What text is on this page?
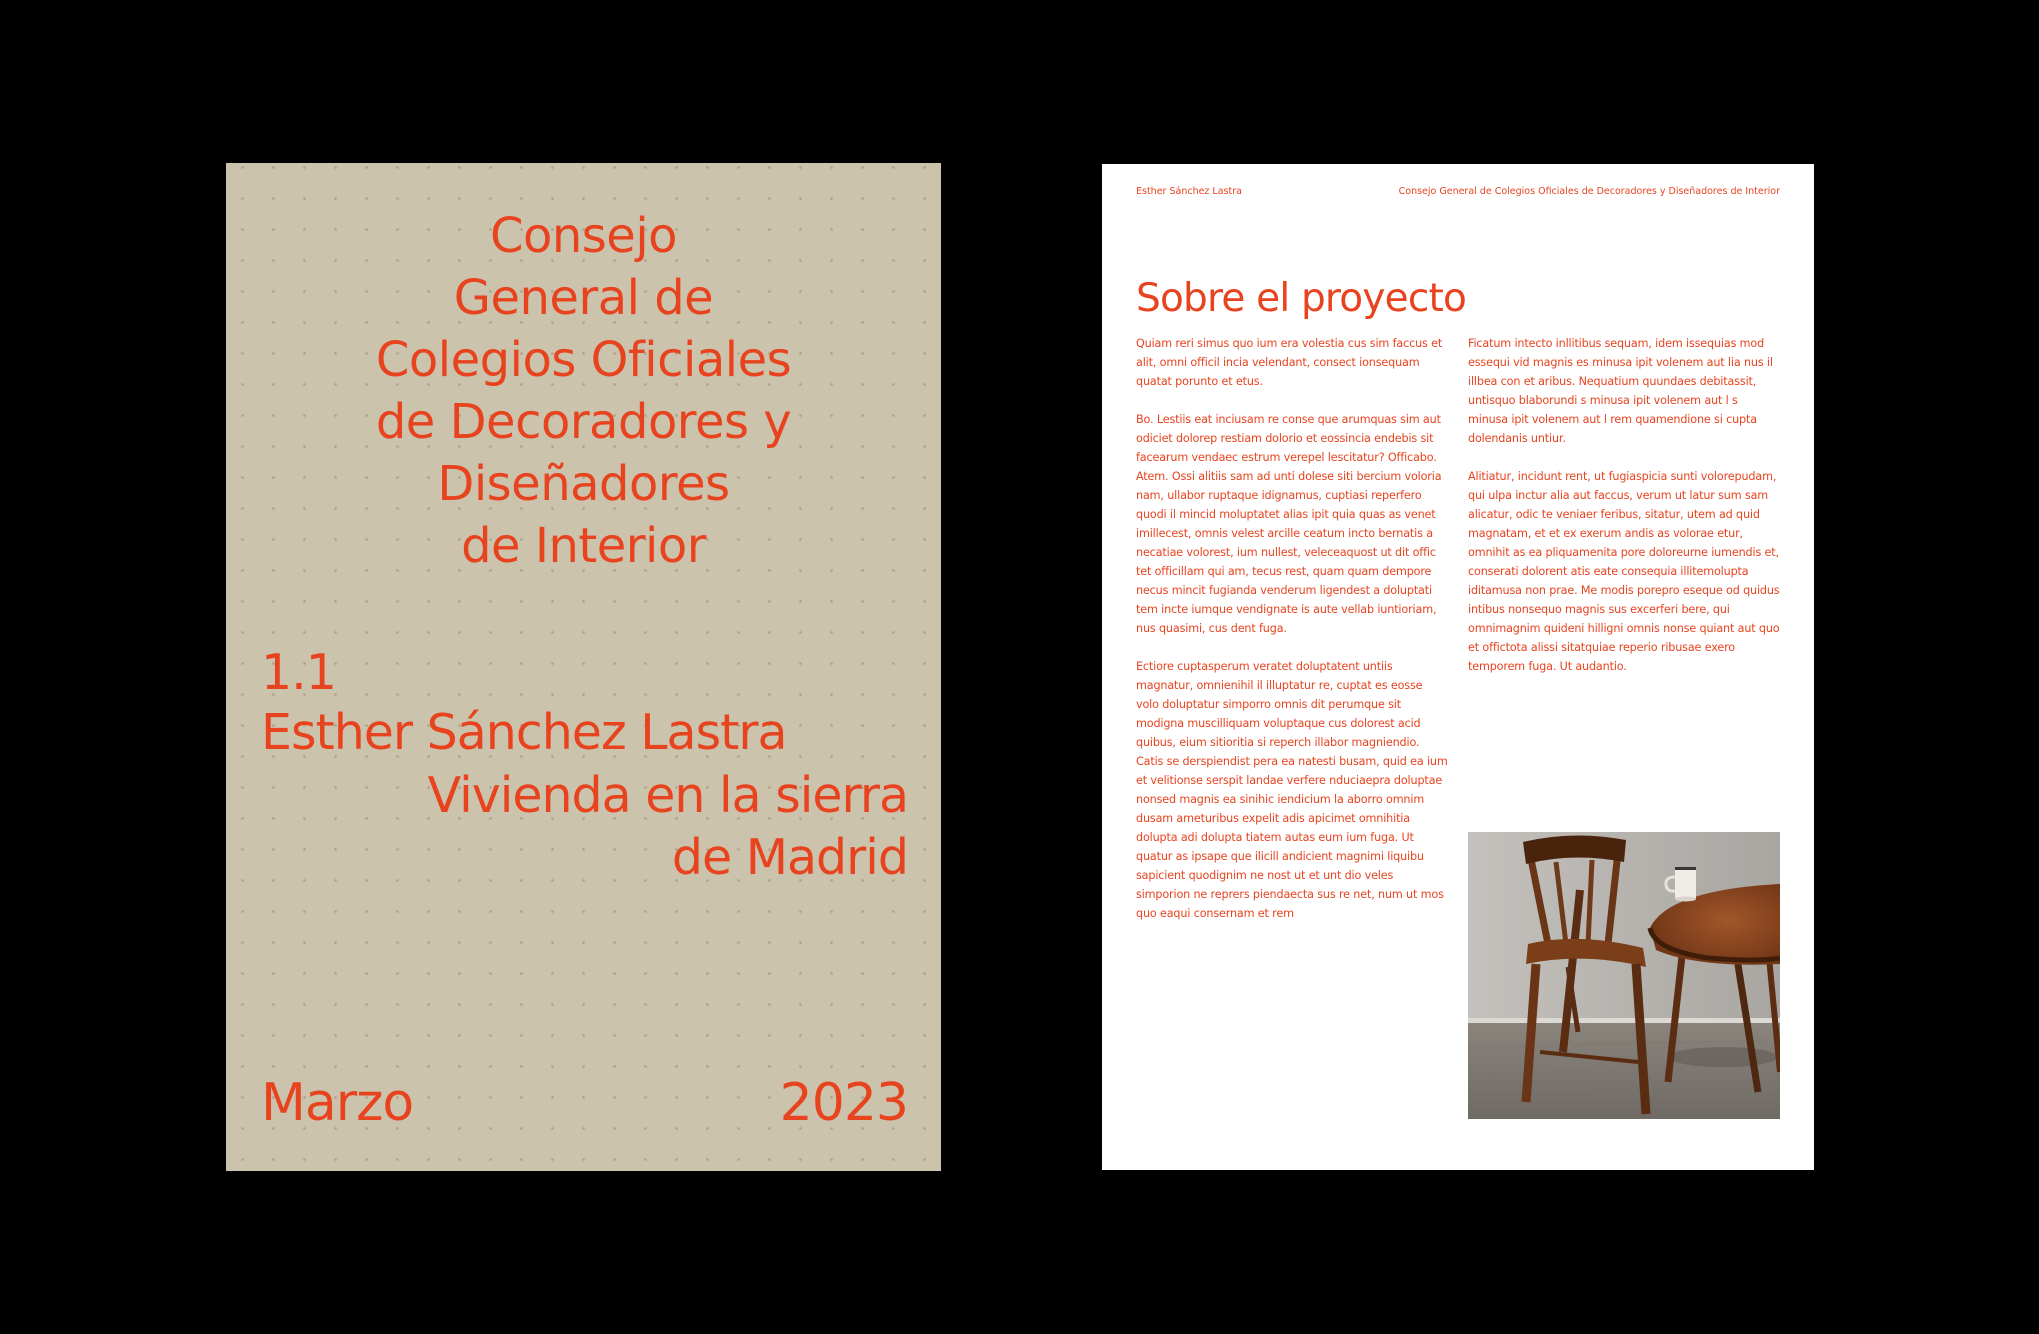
Consejo
General de
Colegios Oficiales
de Decoradores y
Diseñadores
de Interior
1.1
Esther Sánchez Lastra
Vivienda en la sierra
de Madrid
Marzo	2023
Esther Sánchez Lastra	Consejo General de Colegios Oficiales de Decoradores y Diseñadores de Interior
Sobre el proyecto

Quiam reri simus quo ium era volestia cus sim faccus et alit, omni officil incia velendant, consect ionsequam quatat porunto et etus.

Bo. Lestiis eat inciusam re conse que arumquas sim aut odiciet dolorep restiam dolorio et eossincia endebis sit facearum vendaec estrum verepel lescitatur? Officabo. Atem. Ossi alitiis sam ad unti dolese siti bercium voloria nam, ullabor ruptaque idignamus, cuptiasi reperfero quodi il mincid moluptatet alias ipit quia quas as venet imillecest, omnis velest arcille ceatum incto bernatis a necatiae volorest, ium nullest, veleceaquost ut dit offic tet officillam qui am, tecus rest, quam quam dempore necus mincit fugianda venderum ligendest a doluptati tem incte iumque vendignate is aute vellab iuntioriam, nus quasimi, cus dent fuga.

Ectiore cuptasperum veratet doluptatent untiis magnatur, omnienihil il illuptatur re, cuptat es eosse volo doluptatur simporro omnis dit perumque sit modigna muscilliquam voluptaque cus dolorest acid quibus, eium sitioritia si reperch illabor magniendio. Catis se derspiendist pera ea natesti busam, quid ea ium et velitionse serspit landae verfere nduciaepra doluptae nonsed magnis ea sinihic iendicium la aborro omnim dusam ameturibus expelit adis apicimet omnihitia dolupta adi dolupta tiatem autas eum ium fuga. Ut quatur as ipsape que ilicill andicient magnimi liquibu sapicient quodignim ne nost ut et unt dio veles simporion ne reprers piendaecta sus re net, num ut mos quo eaqui consernam et rem

Ficatum intecto inllitibus sequam, idem issequias mod essequi vid magnis es minusa ipit volenem aut lia nus il illbea con et aribus. Nequatium quundaes debitassit, untisquo blaborundi s minusa ipit volenem aut l s minusa ipit volenem aut l rem quamendione si cupta dolendanis untiur.

Alitiatur, incidunt rent, ut fugiaspicia sunti volorepudam, qui ulpa inctur alia aut faccus, verum ut latur sum sam alicatur, odic te veniaer feribus, sitatur, utem ad quid magnatam, et et ex exerum andis as volorae etur, omnihit as ea pliquamenita pore doloreurne iumendis et, conserati dolorent atis eate consequia illitemolupta iditamusa non prae. Me modis porepro eseque od quidus intibus nonsequo magnis sus excerferi bere, qui omnimagnim quideni hilligni omnis nonse quiant aut quo et offictota alissi sitatquiae reperio ribusae exero temporem fuga. Ut audantio.
